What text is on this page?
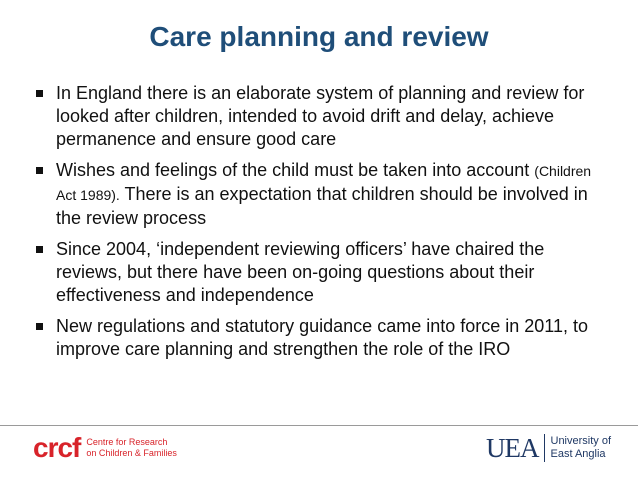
Care planning and review
In England there is an elaborate system of planning and review for looked after children, intended to avoid drift and delay, achieve permanence and ensure good care
Wishes and feelings of the child must be taken into account (Children Act 1989). There is an expectation that children should be involved in the review process
Since 2004, ‘independent reviewing officers’ have chaired the reviews, but there have been on-going questions about their effectiveness and independence
New regulations and statutory guidance came into force in 2011, to improve care planning and strengthen the role of the IRO
crcf Centre for Research
on Children & Families	UEA University of
East Anglia
